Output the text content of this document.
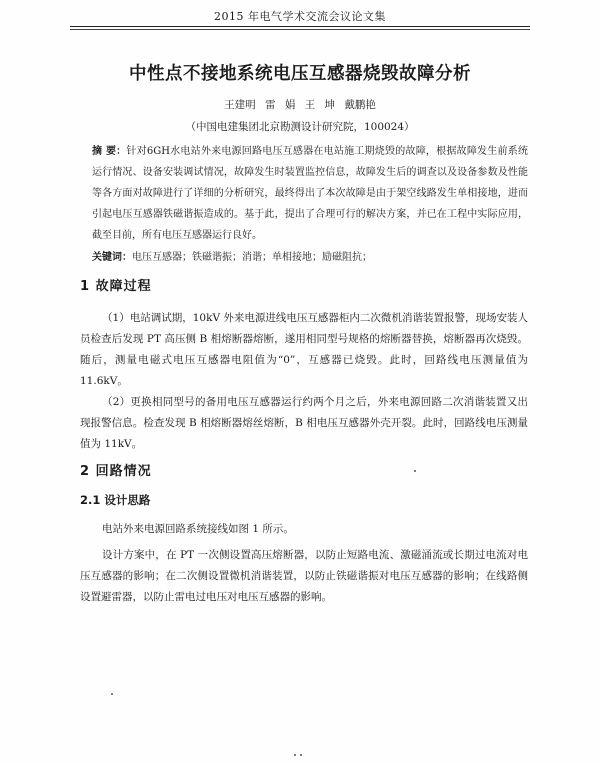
2015 年电气学术交流会议论文集
中性点不接地系统电压互感器烧毁故障分析
王建明 雷 娟 王 坤 戴鹏艳
（中国电建集团北京勘测设计研究院，100024）
摘 要：针对6GH水电站外来电源回路电压互感器在电站施工期烧毁的故障，根据故障发生前系统运行情况、设备安装调试情况，故障发生时装置监控信息，故障发生后的调查以及设备参数及性能等各方面对故障进行了详细的分析研究，最终得出了本次故障是由于架空线路发生单相接地，进而引起电压互感器铁磁谐振造成的。基于此，提出了合理可行的解决方案，并已在工程中实际应用，截至目前，所有电压互感器运行良好。
关键词：电压互感器；铁磁谐振；消谐；单相接地；励磁阻抗；
1 故障过程
（1）电站调试期，10kV 外来电源进线电压互感器柜内二次微机消谐装置报警，现场安装人员检查后发现 PT 高压侧 B 相熔断器熔断，遂用相同型号规格的熔断器替换，熔断器再次烧毁。随后，测量电磁式电压互感器电阻值为“0”，互感器已烧毁。此时，回路线电压测量值为 11.6kV。
（2）更换相同型号的备用电压互感器运行约两个月之后，外来电源回路二次消谐装置又出现报警信息。检查发现 B 相熔断器熔丝熔断，B 相电压互感器外壳开裂。此时，回路线电压测量值为 11kV。
2 回路情况
2.1 设计思路
电站外来电源回路系统接线如图 1 所示。
设计方案中，在 PT 一次侧设置高压熔断器，以防止短路电流、激磁涌流或长期过电流对电压互感器的影响；在二次侧设置微机消谐装置，以防止铁磁谐振对电压互感器的影响；在线路侧设置避雷器，以防止雷电过电压对电压互感器的影响。
